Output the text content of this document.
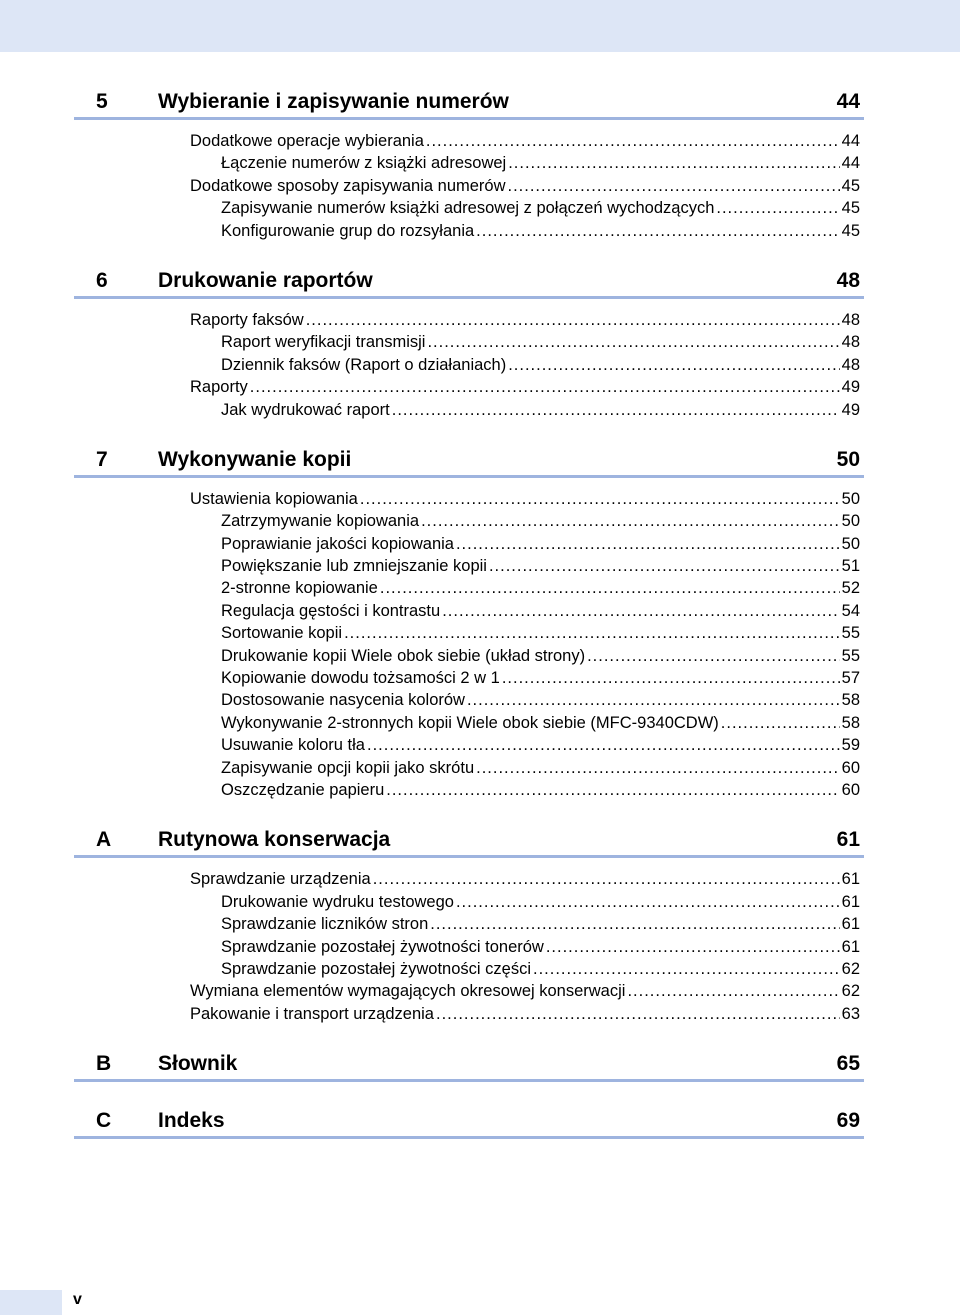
5	Wybieranie i zapisywanie numerów	44
Dodatkowe operacje wybierania .....	44
Łączenie numerów z książki adresowej .....	44
Dodatkowe sposoby zapisywania numerów .....	45
Zapisywanie numerów książki adresowej z połączeń wychodzących .....	45
Konfigurowanie grup do rozsyłania .....	45
6	Drukowanie raportów	48
Raporty faksów .....	48
Raport weryfikacji transmisji .....	48
Dziennik faksów (Raport o działaniach) .....	48
Raporty .....	49
Jak wydrukować raport .....	49
7	Wykonywanie kopii	50
Ustawienia kopiowania .....	50
Zatrzymywanie kopiowania .....	50
Poprawianie jakości kopiowania .....	50
Powiększanie lub zmniejszanie kopii .....	51
2-stronne kopiowanie .....	52
Regulacja gęstości i kontrastu .....	54
Sortowanie kopii .....	55
Drukowanie kopii Wiele obok siebie (układ strony) .....	55
Kopiowanie dowodu tożsamości 2 w 1 .....	57
Dostosowanie nasycenia kolorów .....	58
Wykonywanie 2-stronnych kopii Wiele obok siebie (MFC-9340CDW) .....	58
Usuwanie koloru tła .....	59
Zapisywanie opcji kopii jako skrótu .....	60
Oszczędzanie papieru .....	60
A	Rutynowa konserwacja	61
Sprawdzanie urządzenia .....	61
Drukowanie wydruku testowego .....	61
Sprawdzanie liczników stron .....	61
Sprawdzanie pozostałej żywotności tonerów .....	61
Sprawdzanie pozostałej żywotności części .....	62
Wymiana elementów wymagających okresowej konserwacji .....	62
Pakowanie i transport urządzenia .....	63
B	Słownik	65
C	Indeks	69
v
